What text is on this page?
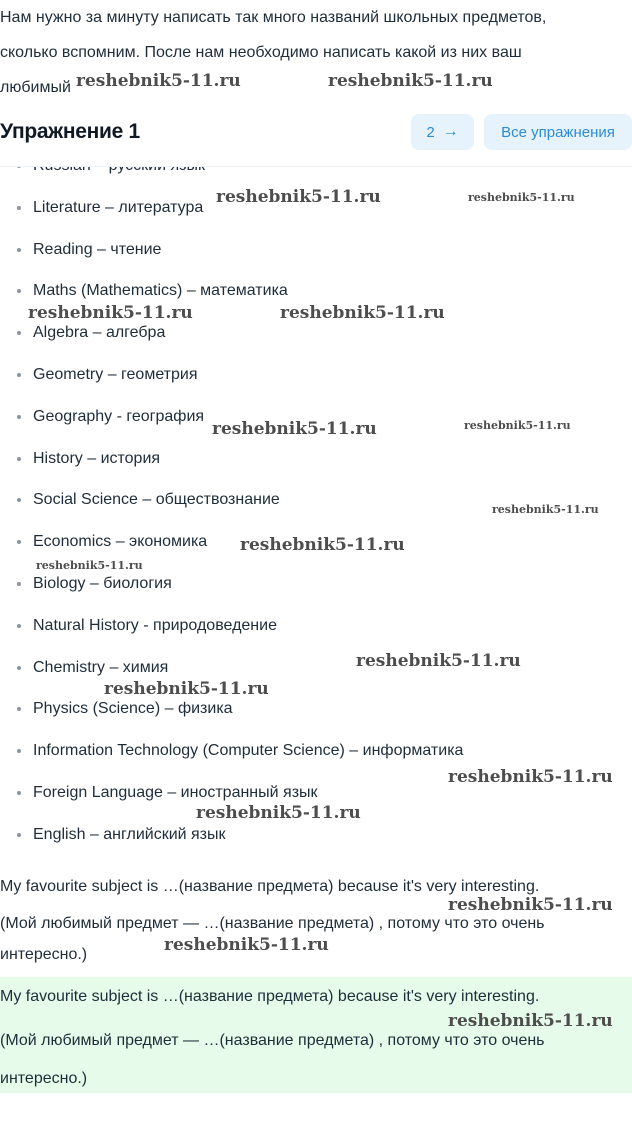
Нам нужно за минуту написать так много названий школьных предметов,

сколько вспомним. После нам необходимо написать какой из них ваш

любимый

Упражнение 1	2 →	Все упражнения
Literature – литература
Reading – чтение
Maths (Mathematics) – математика
Algebra – алгебра
Geometry – геометрия
Geography - география
History – история
Social Science – обществознание
Economics – экономика
Biology – биология
Natural History - природоведение
Chemistry – химия
Physics (Science) – физика
Information Technology (Computer Science) – информатика
Foreign Language – иностранный язык
English – английский язык

My favourite subject is …(название предмета) because it's very interesting.

(Мой любимый предмет — …(название предмета) , потому что это очень

интересно.)

My favourite subject is …(название предмета) because it's very interesting.

(Мой любимый предмет — …(название предмета) , потому что это очень

интересно.)

reshebnik5-11.ru	reshebnik5-11.ru
reshebnik5-11.ru	reshebnik5-11.ru
reshebnik5-11.ru	reshebnik5-11.ru
reshebnik5-11.ru	reshebnik5-11.ru
reshebnik5-11.ru
reshebnik5-11.ru
reshebnik5-11.ru
reshebnik5-11.ru
reshebnik5-11.ru
reshebnik5-11.ru
reshebnik5-11.ru
reshebnik5-11.ru
reshebnik5-11.ru
reshebnik5-11.ru
